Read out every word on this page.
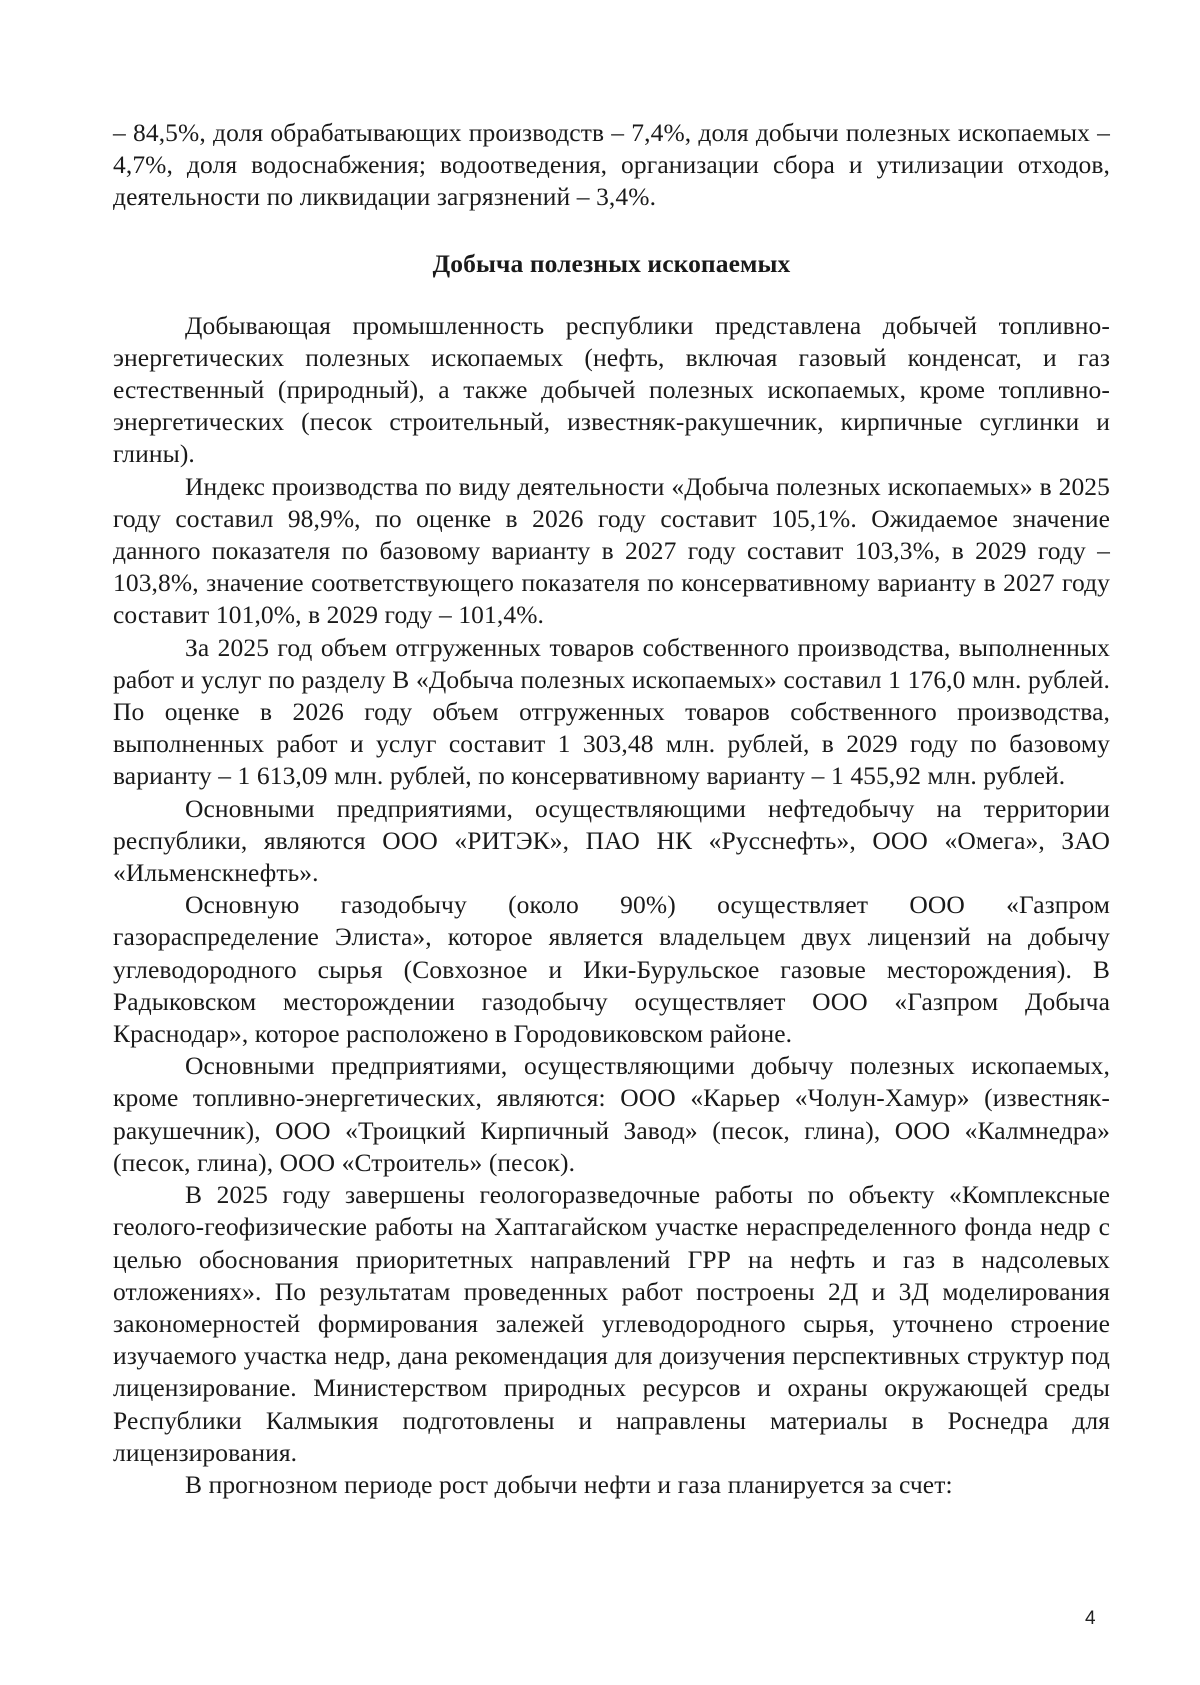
– 84,5%, доля обрабатывающих производств – 7,4%, доля добычи полезных ископаемых – 4,7%, доля водоснабжения; водоотведения, организации сбора и утилизации отходов, деятельности по ликвидации загрязнений – 3,4%.

Добыча полезных ископаемых

Добывающая промышленность республики представлена добычей топливно-энергетических полезных ископаемых (нефть, включая газовый конденсат, и газ естественный (природный), а также добычей полезных ископаемых, кроме топливно-энергетических (песок строительный, известняк-ракушечник, кирпичные суглинки и глины).

Индекс производства по виду деятельности «Добыча полезных ископаемых» в 2025 году составил 98,9%, по оценке в 2026 году составит 105,1%. Ожидаемое значение данного показателя по базовому варианту в 2027 году составит 103,3%, в 2029 году – 103,8%, значение соответствующего показателя по консервативному варианту в 2027 году составит 101,0%, в 2029 году – 101,4%.

За 2025 год объем отгруженных товаров собственного производства, выполненных работ и услуг по разделу В «Добыча полезных ископаемых» составил 1 176,0 млн. рублей. По оценке в 2026 году объем отгруженных товаров собственного производства, выполненных работ и услуг составит 1 303,48 млн. рублей, в 2029 году по базовому варианту – 1 613,09 млн. рублей, по консервативному варианту – 1 455,92 млн. рублей.

Основными предприятиями, осуществляющими нефтедобычу на территории республики, являются ООО «РИТЭК», ПАО НК «Русснефть», ООО «Омега», ЗАО «Ильменскнефть».

Основную газодобычу (около 90%) осуществляет ООО «Газпром газораспределение Элиста», которое является владельцем двух лицензий на добычу углеводородного сырья (Совхозное и Ики-Бурульское газовые месторождения). В Радыковском месторождении газодобычу осуществляет ООО «Газпром Добыча Краснодар», которое расположено в Городовиковском районе.

Основными предприятиями, осуществляющими добычу полезных ископаемых, кроме топливно-энергетических, являются: ООО «Карьер «Чолун-Хамур» (известняк-ракушечник), ООО «Троицкий Кирпичный Завод» (песок, глина), ООО «Калмнедра» (песок, глина), ООО «Строитель» (песок).

В 2025 году завершены геологоразведочные работы по объекту «Комплексные геолого-геофизические работы на Хаптагайском участке нераспределенного фонда недр с целью обоснования приоритетных направлений ГРР на нефть и газ в надсолевых отложениях». По результатам проведенных работ построены 2Д и 3Д моделирования закономерностей формирования залежей углеводородного сырья, уточнено строение изучаемого участка недр, дана рекомендация для доизучения перспективных структур под лицензирование. Министерством природных ресурсов и охраны окружающей среды Республики Калмыкия подготовлены и направлены материалы в Роснедра для лицензирования.

В прогнозном периоде рост добычи нефти и газа планируется за счет:

4
